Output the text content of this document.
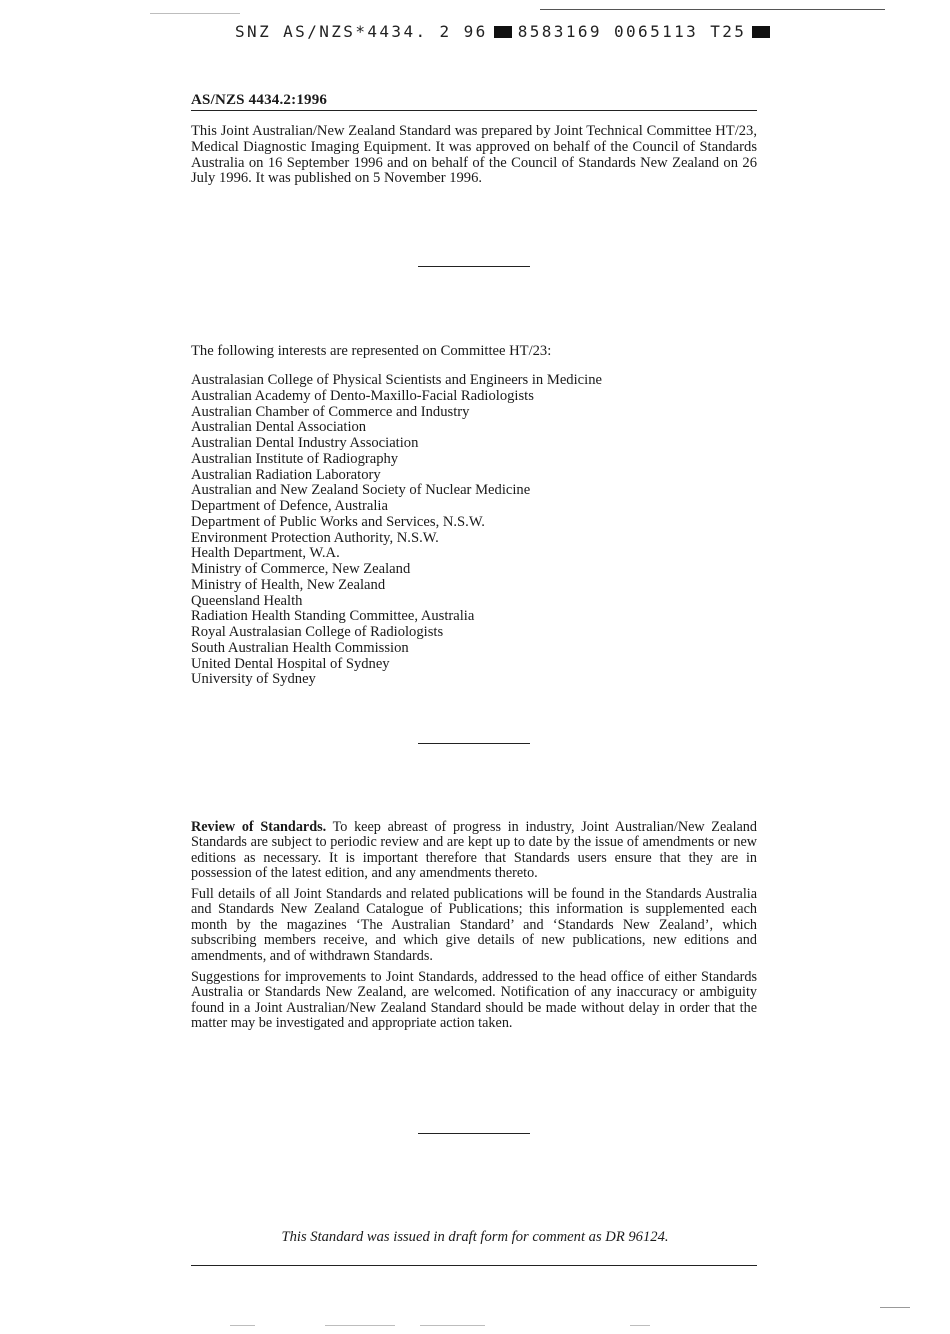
SNZ AS/NZS*4434. 2 96 8583169 0065113 T25
AS/NZS 4434.2:1996

This Joint Australian/New Zealand Standard was prepared by Joint Technical Committee HT/23, Medical Diagnostic Imaging Equipment. It was approved on behalf of the Council of Standards Australia on 16 September 1996 and on behalf of the Council of Standards New Zealand on 26 July 1996. It was published on 5 November 1996.

The following interests are represented on Committee HT/23:
Australasian College of Physical Scientists and Engineers in Medicine
Australian Academy of Dento-Maxillo-Facial Radiologists
Australian Chamber of Commerce and Industry
Australian Dental Association
Australian Dental Industry Association
Australian Institute of Radiography
Australian Radiation Laboratory
Australian and New Zealand Society of Nuclear Medicine
Department of Defence, Australia
Department of Public Works and Services, N.S.W.
Environment Protection Authority, N.S.W.
Health Department, W.A.
Ministry of Commerce, New Zealand
Ministry of Health, New Zealand
Queensland Health
Radiation Health Standing Committee, Australia
Royal Australasian College of Radiologists
South Australian Health Commission
United Dental Hospital of Sydney
University of Sydney

Review of Standards. To keep abreast of progress in industry, Joint Australian/New Zealand Standards are subject to periodic review and are kept up to date by the issue of amendments or new editions as necessary. It is important therefore that Standards users ensure that they are in possession of the latest edition, and any amendments thereto.

Full details of all Joint Standards and related publications will be found in the Standards Australia and Standards New Zealand Catalogue of Publications; this information is supplemented each month by the magazines ‘The Australian Standard’ and ‘Standards New Zealand’, which subscribing members receive, and which give details of new publications, new editions and amendments, and of withdrawn Standards.

Suggestions for improvements to Joint Standards, addressed to the head office of either Standards Australia or Standards New Zealand, are welcomed. Notification of any inaccuracy or ambiguity found in a Joint Australian/New Zealand Standard should be made without delay in order that the matter may be investigated and appropriate action taken.

This Standard was issued in draft form for comment as DR 96124.
